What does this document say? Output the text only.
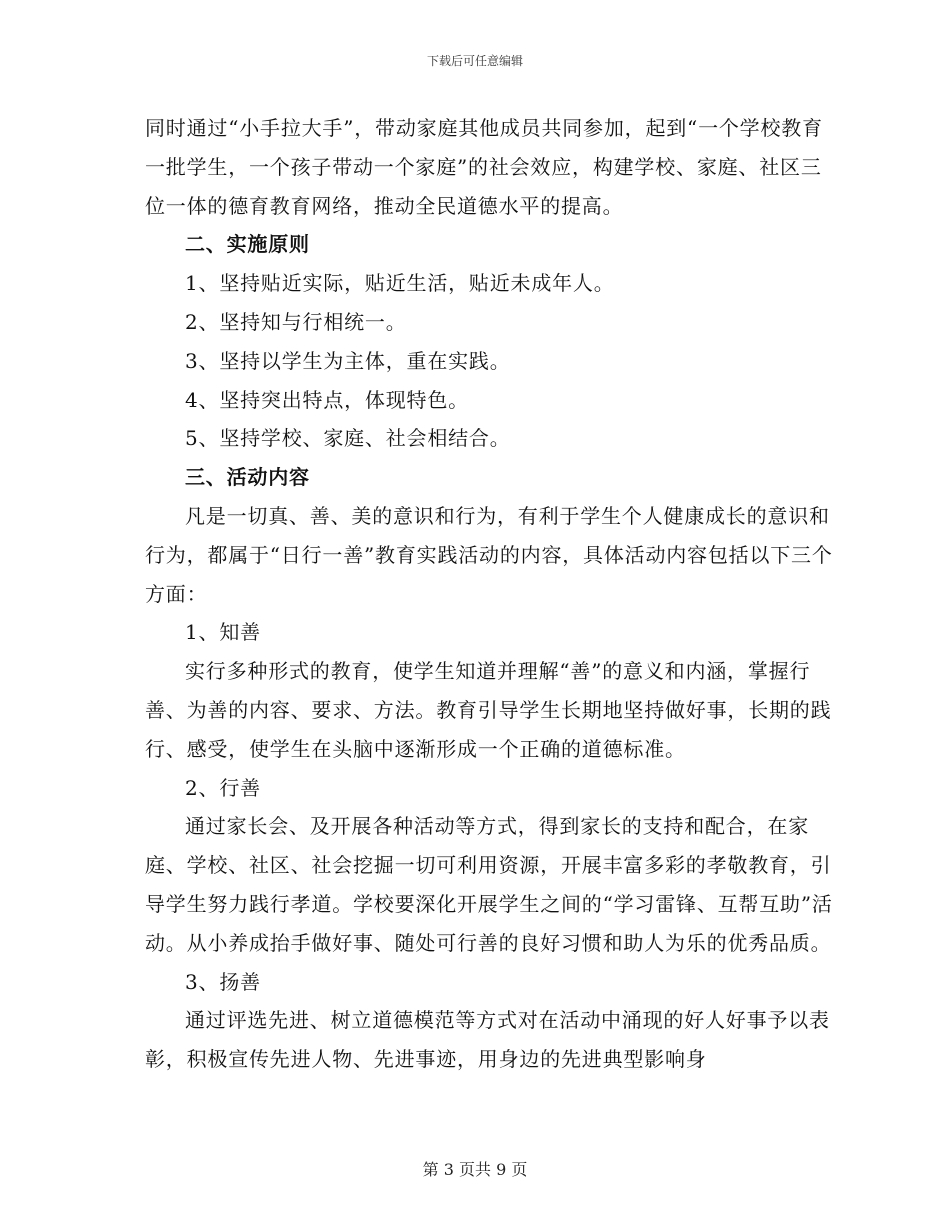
下载后可任意编辑

同时通过“小手拉大手”，带动家庭其他成员共同参加，起到“一个学校教育一批学生，一个孩子带动一个家庭”的社会效应，构建学校、家庭、社区三位一体的德育教育网络，推动全民道德水平的提高。

二、实施原则

1、坚持贴近实际，贴近生活，贴近未成年人。

2、坚持知与行相统一。

3、坚持以学生为主体，重在实践。

4、坚持突出特点，体现特色。

5、坚持学校、家庭、社会相结合。

三、活动内容

凡是一切真、善、美的意识和行为，有利于学生个人健康成长的意识和行为，都属于“日行一善”教育实践活动的内容，具体活动内容包括以下三个方面：

1、知善

实行多种形式的教育，使学生知道并理解“善”的意义和内涵，掌握行善、为善的内容、要求、方法。教育引导学生长期地坚持做好事，长期的践行、感受，使学生在头脑中逐渐形成一个正确的道德标准。

2、行善

通过家长会、及开展各种活动等方式，得到家长的支持和配合，在家庭、学校、社区、社会挖掘一切可利用资源，开展丰富多彩的孝敬教育，引导学生努力践行孝道。学校要深化开展学生之间的“学习雷锋、互帮互助”活动。从小养成抬手做好事、随处可行善的良好习惯和助人为乐的优秀品质。

3、扬善

通过评选先进、树立道德模范等方式对在活动中涌现的好人好事予以表彰，积极宣传先进人物、先进事迹，用身边的先进典型影响身

第 3 页共 9 页
